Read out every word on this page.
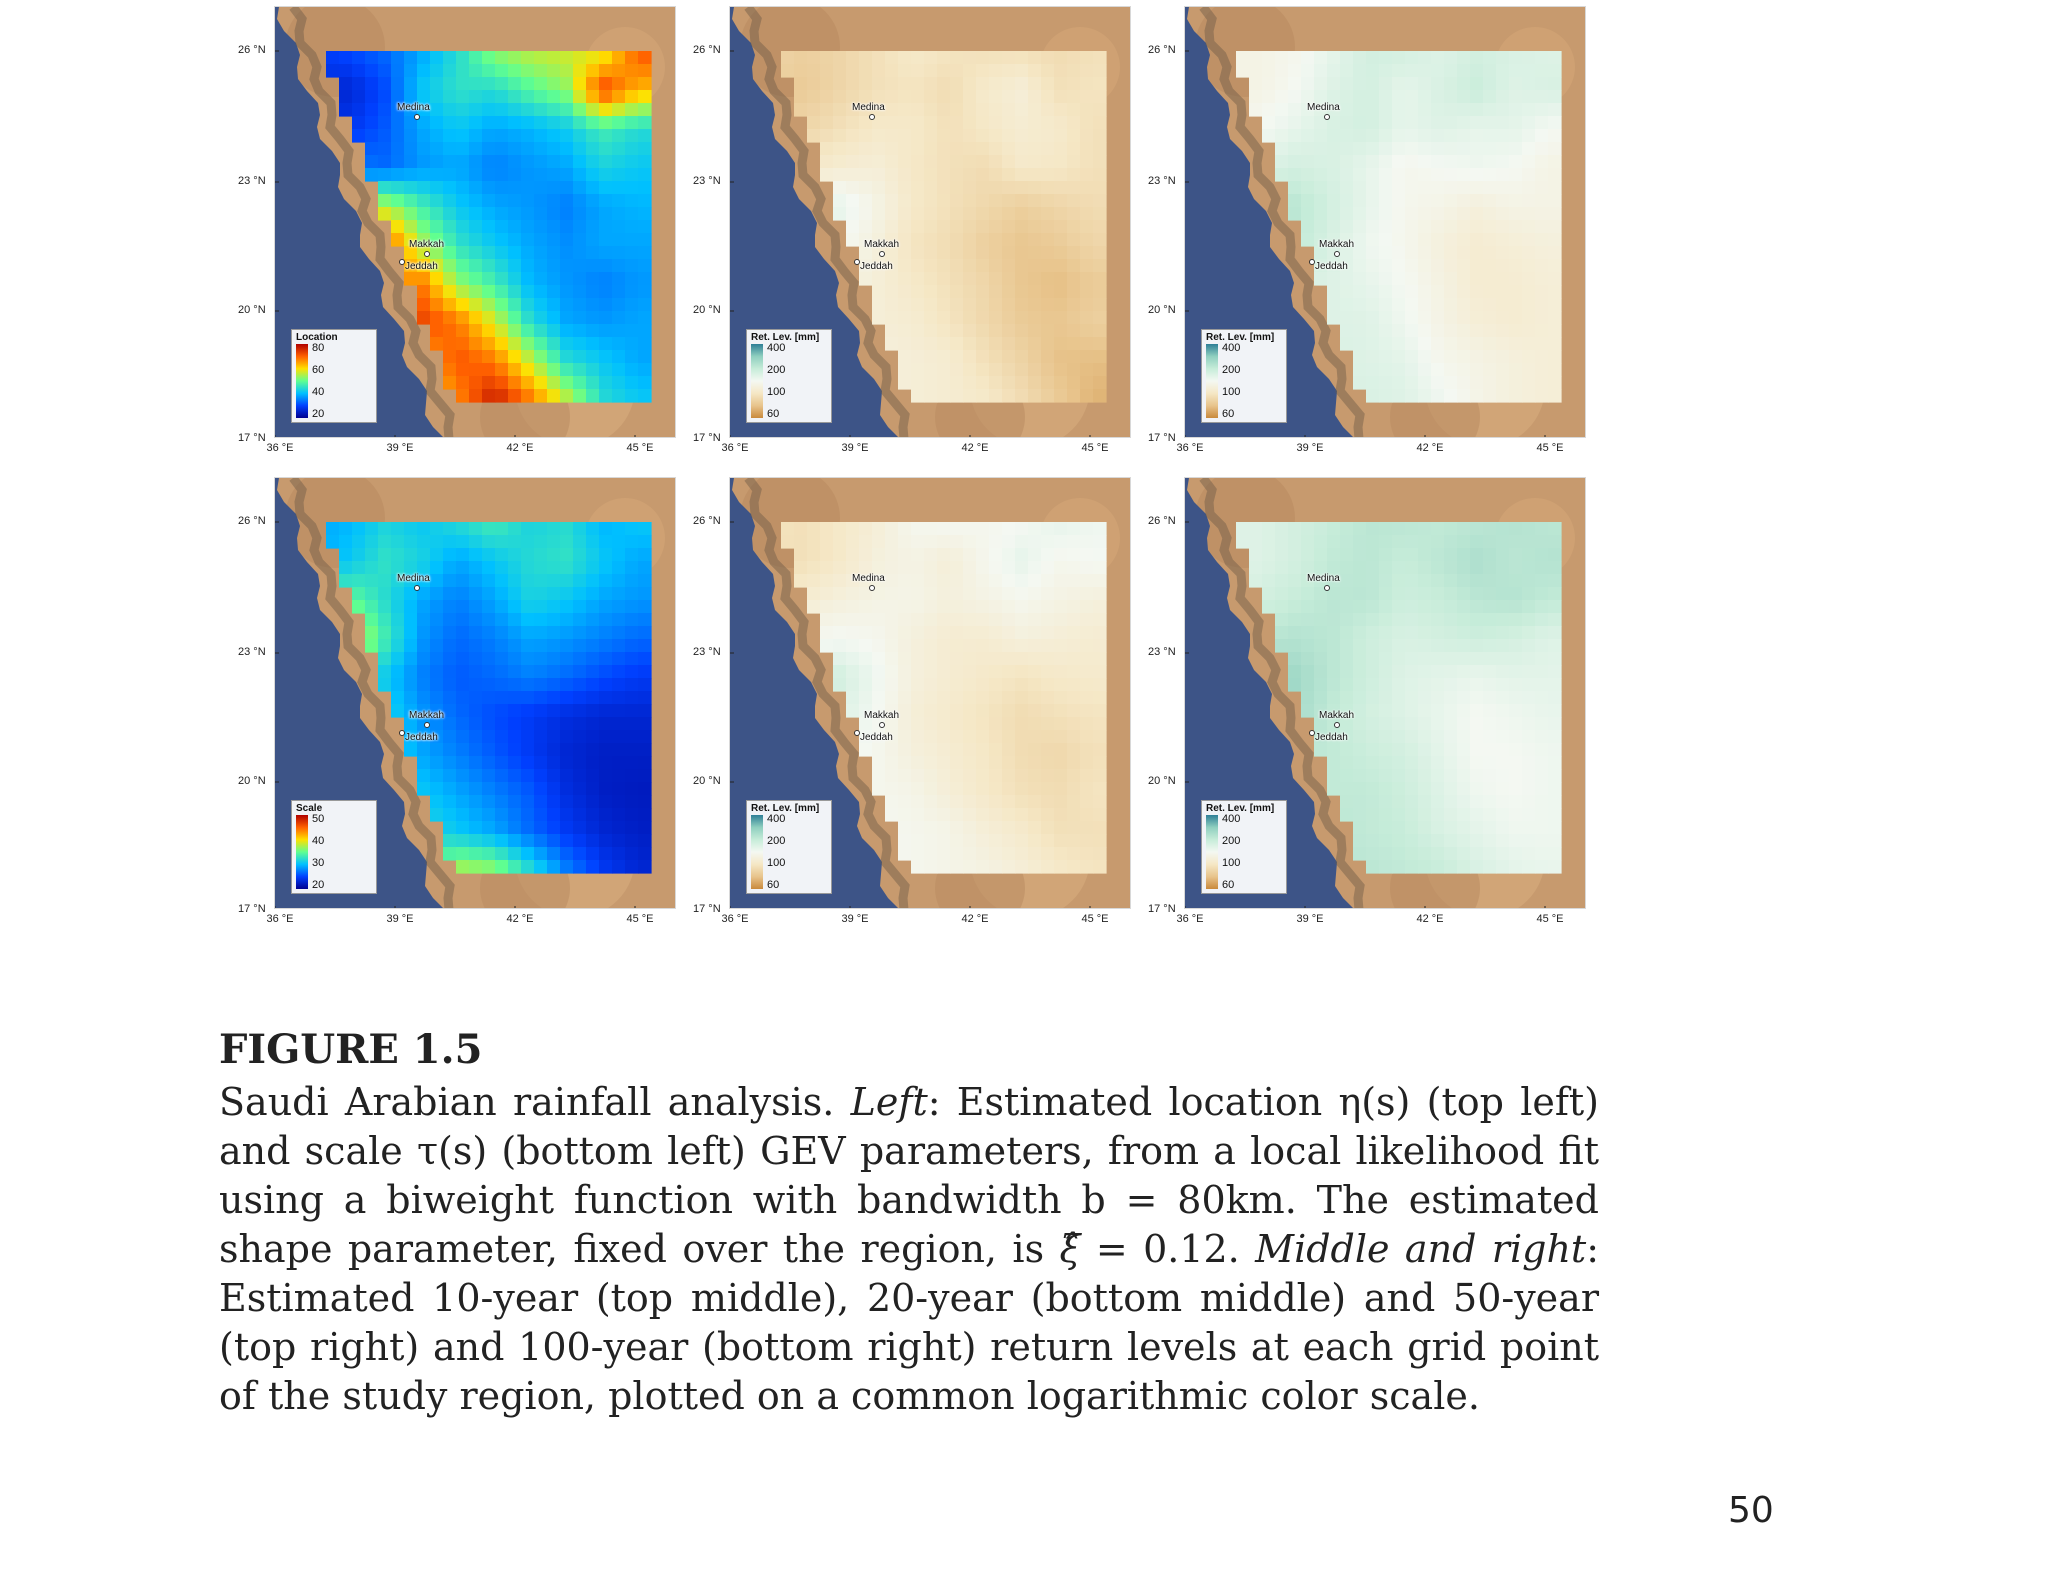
Medina
Makkah
Jeddah
Location
80
60
40
20
Medina
Makkah
Jeddah
Ret. Lev. [mm]
400
200
100
60
Medina
Makkah
Jeddah
Ret. Lev. [mm]
400
200
100
60
Medina
Makkah
Jeddah
Scale
50
40
30
20
Medina
Makkah
Jeddah
Ret. Lev. [mm]
400
200
100
60
Medina
Makkah
Jeddah
Ret. Lev. [mm]
400
200
100
60
FIGURE 1.5
Saudi Arabian rainfall analysis. Left: Estimated location η(s) (top left) and scale τ(s) (bottom left) GEV parameters, from a local likelihood fit using a biweight function with bandwidth b = 80km. The estimated shape parameter, fixed over the region, is ξ̂ = 0.12. Middle and right: Estimated 10-year (top middle), 20-year (bottom middle) and 50-year (top right) and 100-year (bottom right) return levels at each grid point of the study region, plotted on a common logarithmic color scale.
50
26 °N
23 °N
20 °N
17 °N
36 °E	39 °E	42 °E	45 °E
26 °N
23 °N
20 °N
17 °N
36 °E	39 °E	42 °E	45 °E
26 °N
23 °N
20 °N
17 °N
36 °E	39 °E	42 °E	45 °E
26 °N
23 °N
20 °N
17 °N
36 °E	39 °E	42 °E	45 °E
26 °N
23 °N
20 °N
17 °N
36 °E	39 °E	42 °E	45 °E
26 °N
23 °N
20 °N
17 °N
36 °E	39 °E	42 °E	45 °E
